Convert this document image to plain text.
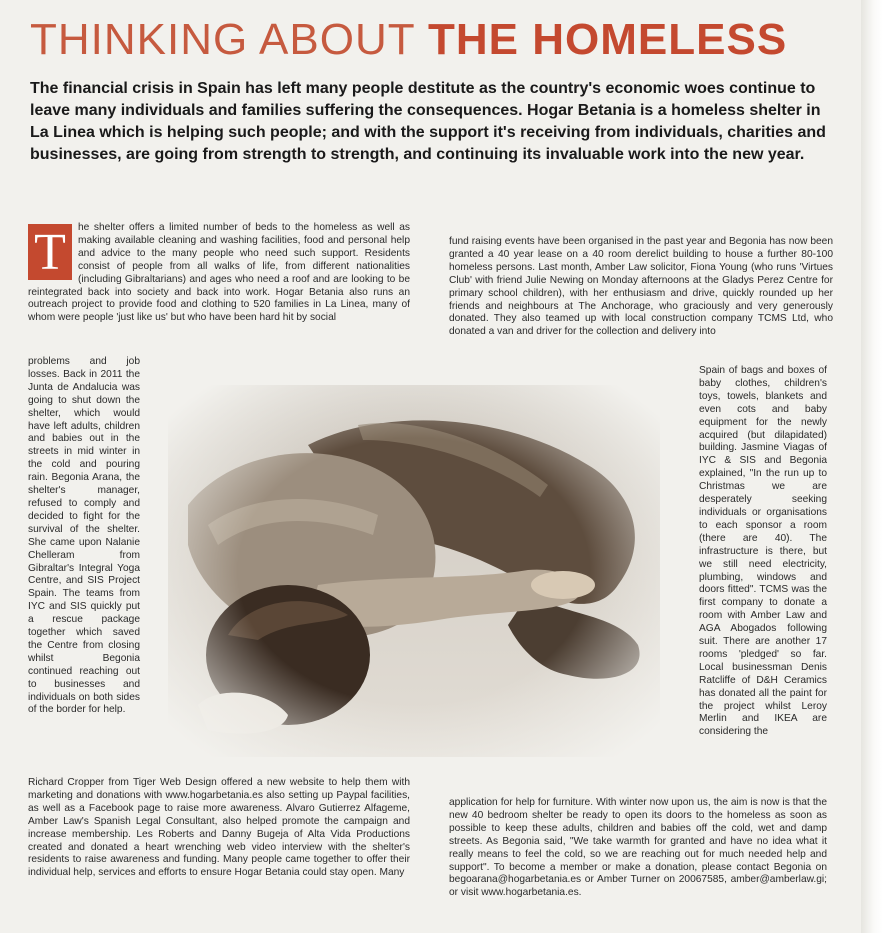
THINKING ABOUT THE HOMELESS
The financial crisis in Spain has left many people destitute as the country's economic woes continue to leave many individuals and families suffering the consequences. Hogar Betania is a homeless shelter in La Linea which is helping such people; and with the support it's receiving from individuals, charities and businesses, are going from strength to strength, and continuing its invaluable work into the new year.
T	he shelter offers a limited number of beds to the homeless as well as making available cleaning and washing facilities, food and personal help and advice to the many people who need such support. Residents consist of people from all walks of life, from different nationalities (including Gibraltarians) and ages who need a roof and are looking to be reintegrated back into society and back into work. Hogar Betania also runs an outreach project to provide food and clothing to 520 families in La Linea, many of whom were people 'just like us' but who have been hard hit by social

problems and job losses. Back in 2011 the Junta de Andalucia was going to shut down the shelter, which would have left adults, children and babies out in the streets in mid winter in the cold and pouring rain. Begonia Arana, the shelter's manager, refused to comply and decided to fight for the survival of the shelter. She came upon Nalanie Chelleram from Gibraltar's Integral Yoga Centre, and SIS Project Spain. The teams from IYC and SIS quickly put a rescue package together which saved the Centre from closing whilst Begonia continued reaching out to businesses and individuals on both sides of the border for help.

Richard Cropper from Tiger Web Design offered a new website to help them with marketing and donations with www.hogarbetania.es also setting up Paypal facilities, as well as a Facebook page to raise more awareness. Alvaro Gutierrez Alfageme, Amber Law's Spanish Legal Consultant, also helped promote the campaign and increase membership. Les Roberts and Danny Bugeja of Alta Vida Productions created and donated a heart wrenching web video interview with the shelter's residents to raise awareness and funding. Many people came together to offer their individual help, services and efforts to ensure Hogar Betania could stay open. Many

fund raising events have been organised in the past year and Begonia has now been granted a 40 year lease on a 40 room derelict building to house a further 80-100 homeless persons. Last month, Amber Law solicitor, Fiona Young (who runs 'Virtues Club' with friend Julie Newing on Monday afternoons at the Gladys Perez Centre for primary school children), with her enthusiasm and drive, quickly rounded up her friends and neighbours at The Anchorage, who graciously and very generously donated. They also teamed up with local construction company TCMS Ltd, who donated a van and driver for the collection and delivery into

Spain of bags and boxes of baby clothes, children's toys, towels, blankets and even cots and baby equipment for the newly acquired (but dilapidated) building. Jasmine Viagas of IYC & SIS and Begonia explained, "In the run up to Christmas we are desperately seeking individuals or organisations to each sponsor a room (there are 40). The infrastructure is there, but we still need electricity, plumbing, windows and doors fitted". TCMS was the first company to donate a room with Amber Law and AGA Abogados following suit. There are another 17 rooms 'pledged' so far. Local businessman Denis Ratcliffe of D&H Ceramics has donated all the paint for the project whilst Leroy Merlin and IKEA are considering the

application for help for furniture. With winter now upon us, the aim is now is that the new 40 bedroom shelter be ready to open its doors to the homeless as soon as possible to keep these adults, children and babies off the cold, wet and damp streets. As Begonia said, "We take warmth for granted and have no idea what it really means to feel the cold, so we are reaching out for much needed help and support". To become a member or make a donation, please contact Begonia on begoarana@hogarbetania.es or Amber Turner on 20067585, amber@amberlaw.gi; or visit www.hogarbetania.es.
